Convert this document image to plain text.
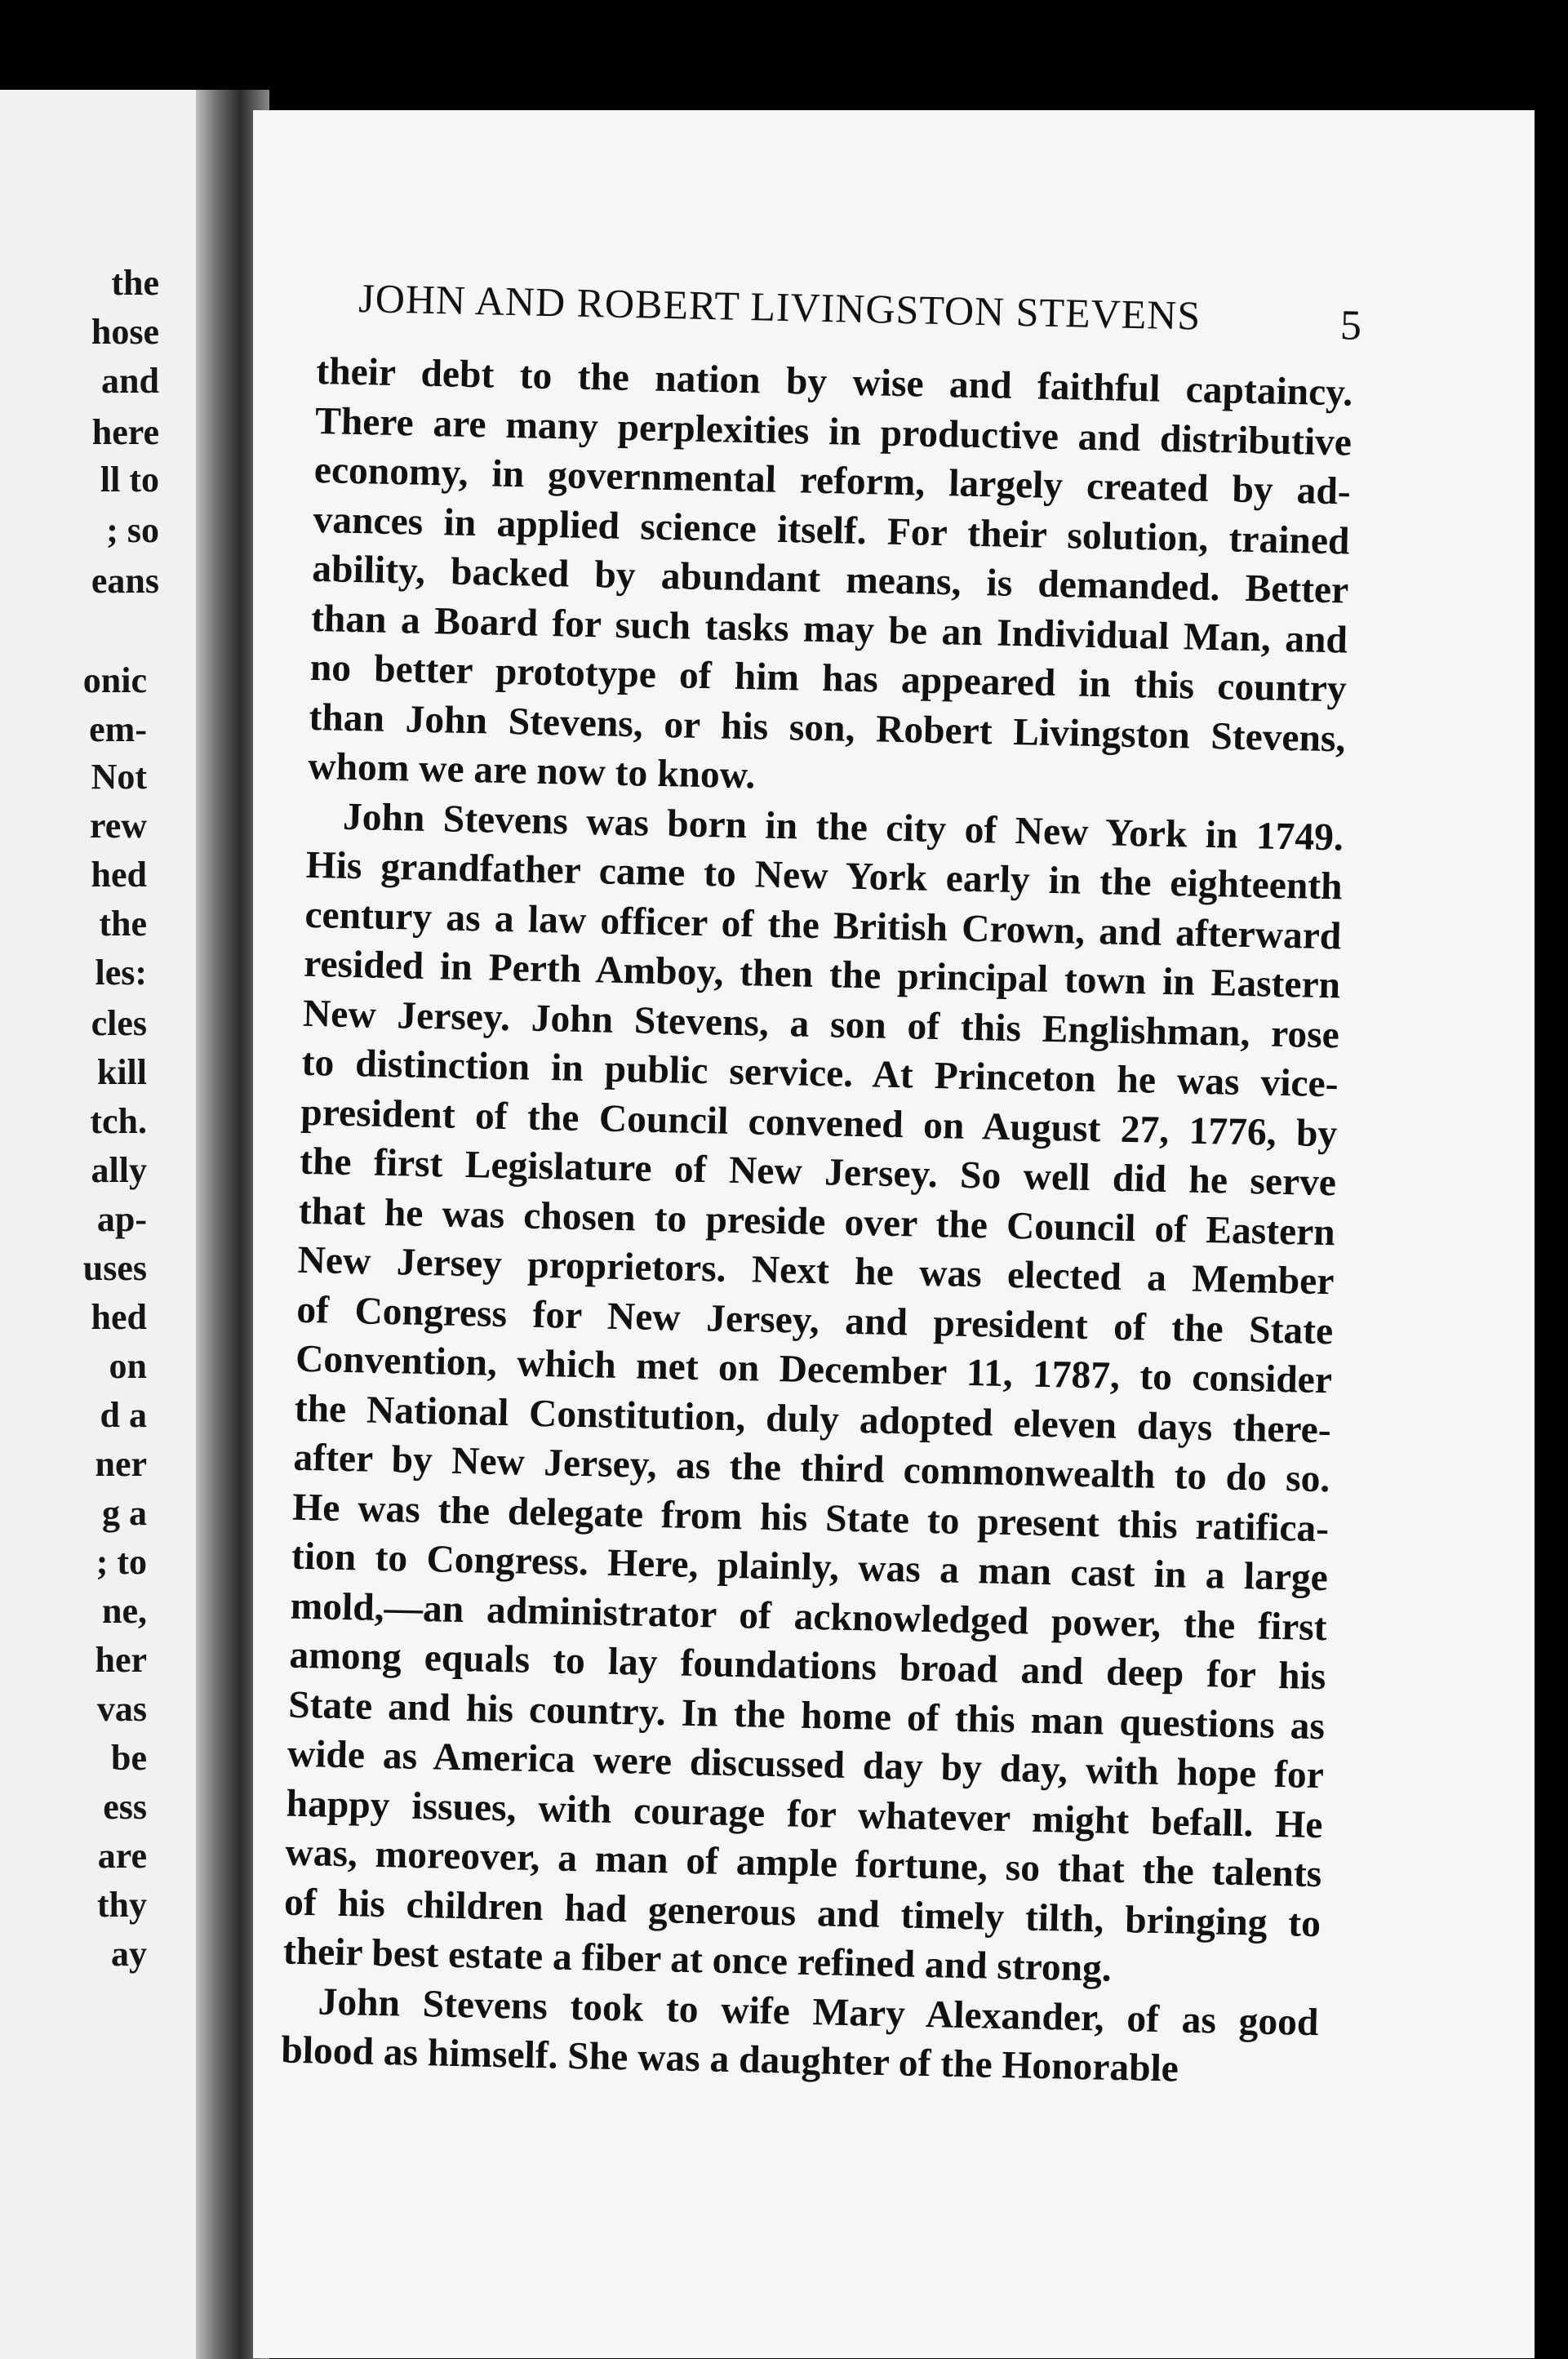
the
hose
and
here
ll to
; so
eans
onic
em-
Not
rew
hed
the
les:
cles
kill
tch.
ally
ap-
uses
hed
on
d a
ner
g a
; to
ne,
her
vas
be
ess
are
thy
ay
JOHN AND ROBERT LIVINGSTON STEVENS	5
their debt to the nation by wise and faithful captaincy.
There are many perplexities in productive and distributive
economy, in governmental reform, largely created by ad-
vances in applied science itself. For their solution, trained
ability, backed by abundant means, is demanded. Better
than a Board for such tasks may be an Individual Man, and
no better prototype of him has appeared in this country
than John Stevens, or his son, Robert Livingston Stevens,
whom we are now to know.
John Stevens was born in the city of New York in 1749.
His grandfather came to New York early in the eighteenth
century as a law officer of the British Crown, and afterward
resided in Perth Amboy, then the principal town in Eastern
New Jersey. John Stevens, a son of this Englishman, rose
to distinction in public service. At Princeton he was vice-
president of the Council convened on August 27, 1776, by
the first Legislature of New Jersey. So well did he serve
that he was chosen to preside over the Council of Eastern
New Jersey proprietors. Next he was elected a Member
of Congress for New Jersey, and president of the State
Convention, which met on December 11, 1787, to consider
the National Constitution, duly adopted eleven days there-
after by New Jersey, as the third commonwealth to do so.
He was the delegate from his State to present this ratifica-
tion to Congress. Here, plainly, was a man cast in a large
mold,—an administrator of acknowledged power, the first
among equals to lay foundations broad and deep for his
State and his country. In the home of this man questions as
wide as America were discussed day by day, with hope for
happy issues, with courage for whatever might befall. He
was, moreover, a man of ample fortune, so that the talents
of his children had generous and timely tilth, bringing to
their best estate a fiber at once refined and strong.
John Stevens took to wife Mary Alexander, of as good
blood as himself. She was a daughter of the Honorable
